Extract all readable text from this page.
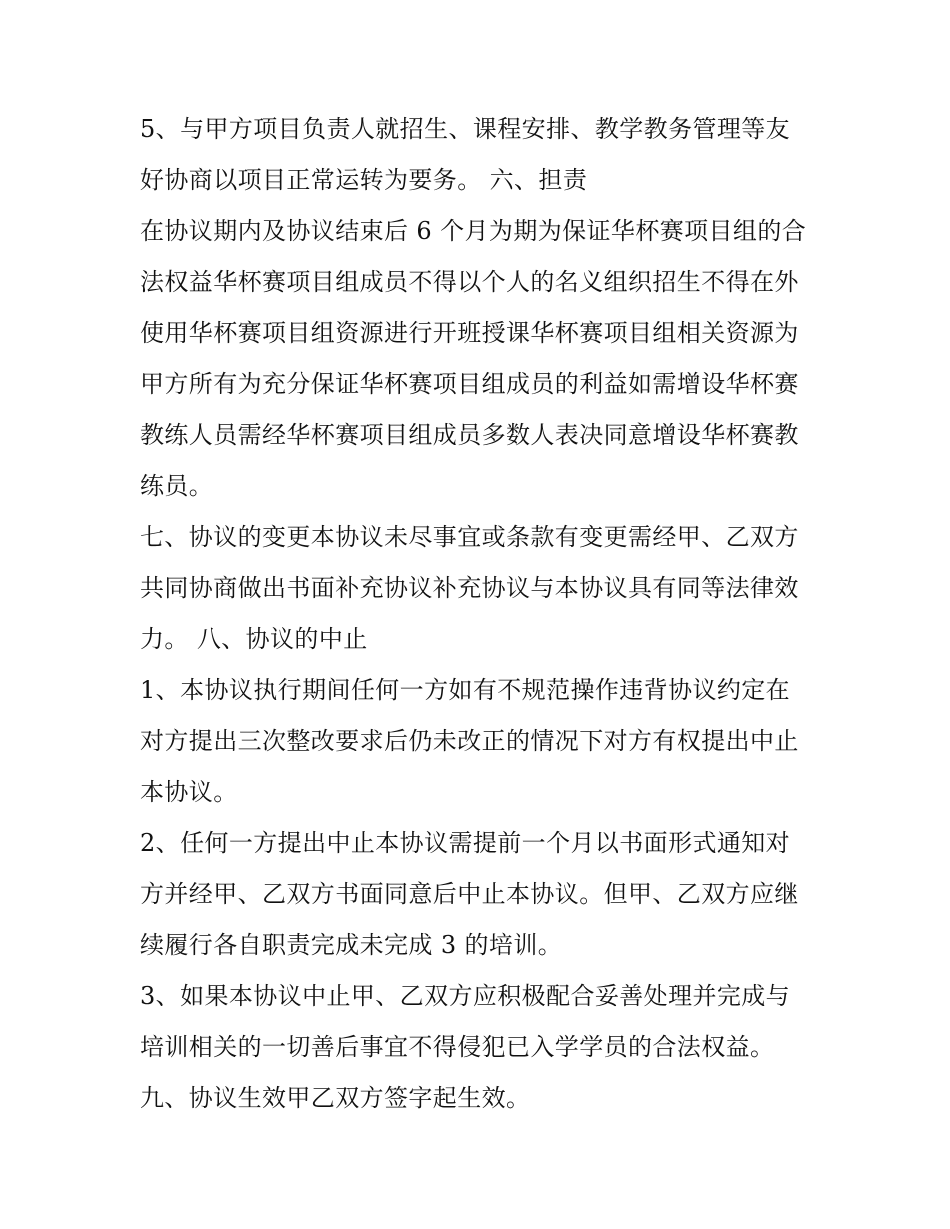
5、与甲方项目负责人就招生、课程安排、教学教务管理等友
好协商以项目正常运转为要务。 六、担责
在协议期内及协议结束后 6 个月为期为保证华杯赛项目组的合
法权益华杯赛项目组成员不得以个人的名义组织招生不得在外
使用华杯赛项目组资源进行开班授课华杯赛项目组相关资源为
甲方所有为充分保证华杯赛项目组成员的利益如需增设华杯赛
教练人员需经华杯赛项目组成员多数人表决同意增设华杯赛教
练员。
七、协议的变更本协议未尽事宜或条款有变更需经甲、乙双方
共同协商做出书面补充协议补充协议与本协议具有同等法律效
力。 八、协议的中止
1、本协议执行期间任何一方如有不规范操作违背协议约定在
对方提出三次整改要求后仍未改正的情况下对方有权提出中止
本协议。
2、任何一方提出中止本协议需提前一个月以书面形式通知对
方并经甲、乙双方书面同意后中止本协议。但甲、乙双方应继
续履行各自职责完成未完成 3 的培训。
3、如果本协议中止甲、乙双方应积极配合妥善处理并完成与
培训相关的一切善后事宜不得侵犯已入学学员的合法权益。
九、协议生效甲乙双方签字起生效。
